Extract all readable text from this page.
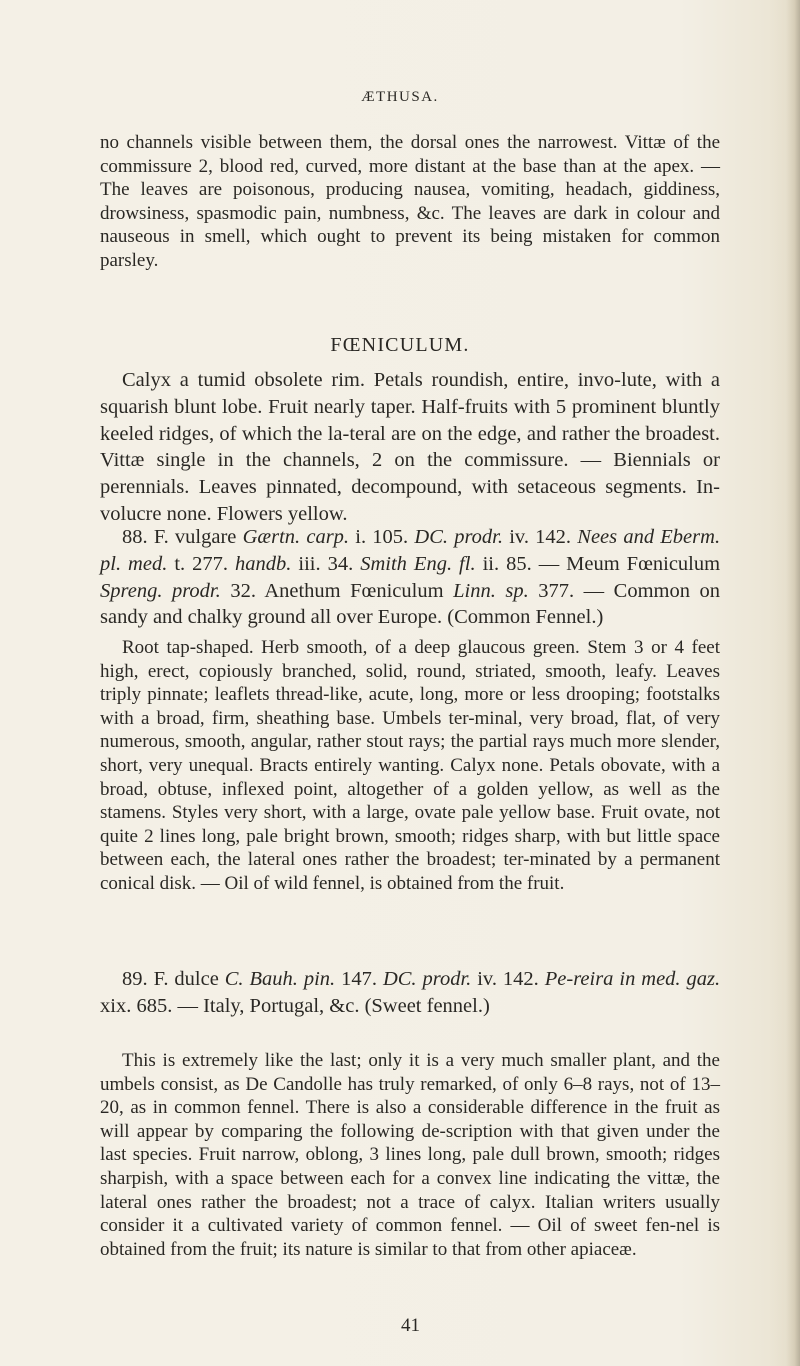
ÆTHUSA.

no channels visible between them, the dorsal ones the narrowest. Vittæ of the commissure 2, blood red, curved, more distant at the base than at the apex. — The leaves are poisonous, producing nausea, vomiting, headach, giddiness, drowsiness, spasmodic pain, numbness, &c. The leaves are dark in colour and nauseous in smell, which ought to prevent its being mistaken for common parsley.

FŒNICULUM.

Calyx a tumid obsolete rim. Petals roundish, entire, invo-lute, with a squarish blunt lobe. Fruit nearly taper. Half-fruits with 5 prominent bluntly keeled ridges, of which the la-teral are on the edge, and rather the broadest. Vittæ single in the channels, 2 on the commissure. — Biennials or perennials. Leaves pinnated, decompound, with setaceous segments. In-volucre none. Flowers yellow.

88. F. vulgare Gærtn. carp. i. 105. DC. prodr. iv. 142. Nees and Eberm. pl. med. t. 277. handb. iii. 34. Smith Eng. fl. ii. 85. — Meum Fœniculum Spreng. prodr. 32. Anethum Fœniculum Linn. sp. 377. — Common on sandy and chalky ground all over Europe. (Common Fennel.)

Root tap-shaped. Herb smooth, of a deep glaucous green. Stem 3 or 4 feet high, erect, copiously branched, solid, round, striated, smooth, leafy. Leaves triply pinnate; leaflets thread-like, acute, long, more or less drooping; footstalks with a broad, firm, sheathing base. Umbels ter-minal, very broad, flat, of very numerous, smooth, angular, rather stout rays; the partial rays much more slender, short, very unequal. Bracts entirely wanting. Calyx none. Petals obovate, with a broad, obtuse, inflexed point, altogether of a golden yellow, as well as the stamens. Styles very short, with a large, ovate pale yellow base. Fruit ovate, not quite 2 lines long, pale bright brown, smooth; ridges sharp, with but little space between each, the lateral ones rather the broadest; ter-minated by a permanent conical disk. — Oil of wild fennel, is obtained from the fruit.

89. F. dulce C. Bauh. pin. 147. DC. prodr. iv. 142. Pe-reira in med. gaz. xix. 685. — Italy, Portugal, &c. (Sweet fennel.)

This is extremely like the last; only it is a very much smaller plant, and the umbels consist, as De Candolle has truly remarked, of only 6–8 rays, not of 13–20, as in common fennel. There is also a considerable difference in the fruit as will appear by comparing the following de-scription with that given under the last species. Fruit narrow, oblong, 3 lines long, pale dull brown, smooth; ridges sharpish, with a space between each for a convex line indicating the vittæ, the lateral ones rather the broadest; not a trace of calyx. Italian writers usually consider it a cultivated variety of common fennel. — Oil of sweet fen-nel is obtained from the fruit; its nature is similar to that from other apiaceæ.

41
